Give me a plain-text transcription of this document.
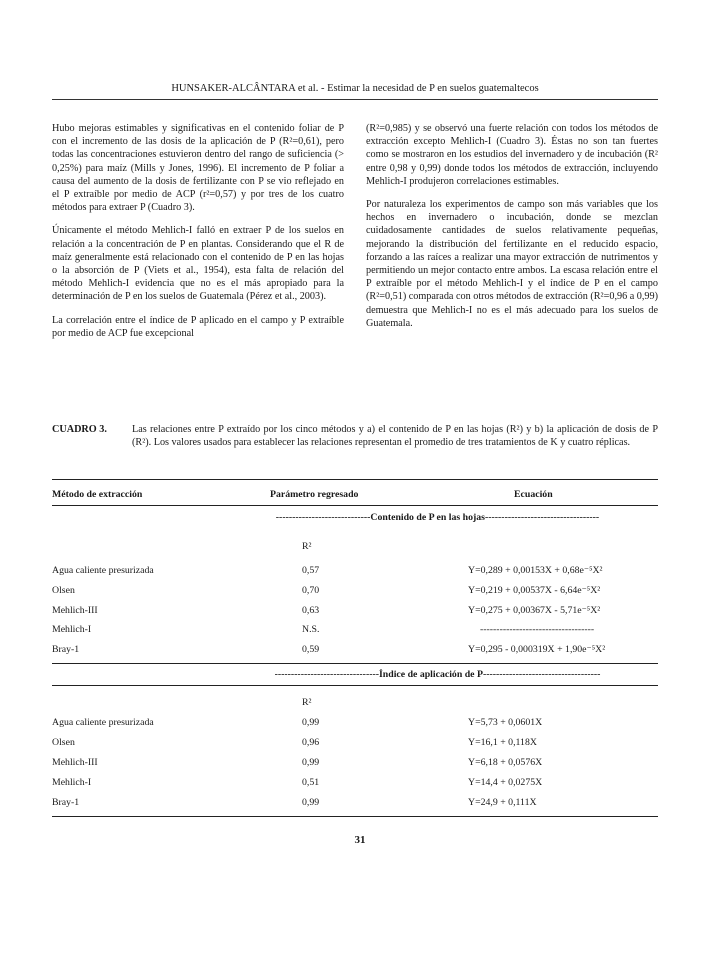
HUNSAKER-ALCÂNTARA et al. - Estimar la necesidad de P en suelos guatemaltecos

Hubo mejoras estimables y significativas en el contenido foliar de P con el incremento de las dosis de la aplicación de P (R²=0,61), pero todas las concentraciones estuvieron dentro del rango de suficiencia (> 0,25%) para maíz (Mills y Jones, 1996). El incremento de P foliar a causa del aumento de la dosis de fertilizante con P se vio reflejado en el P extraíble por medio de ACP (r²=0,57) y por tres de los cuatro métodos para extraer P (Cuadro 3).

Únicamente el método Mehlich-I falló en extraer P de los suelos en relación a la concentración de P en plantas. Considerando que el R de maíz generalmente está relacionado con el contenido de P en las hojas o la absorción de P (Viets et al., 1954), esta falta de relación del método Mehlich-I evidencia que no es el más apropiado para la determinación de P en los suelos de Guatemala (Pérez et al., 2003).

La correlación entre el índice de P aplicado en el campo y P extraíble por medio de ACP fue excepcional

(R²=0,985) y se observó una fuerte relación con todos los métodos de extracción excepto Mehlich-I (Cuadro 3). Éstas no son tan fuertes como se mostraron en los estudios del invernadero y de incubación (R² entre 0,98 y 0,99) donde todos los métodos de extracción, incluyendo Mehlich-I produjeron correlaciones estimables.

Por naturaleza los experimentos de campo son más variables que los hechos en invernadero o incubación, donde se mezclan cuidadosamente cantidades de suelos relativamente pequeñas, mejorando la distribución del fertilizante en el reducido espacio, forzando a las raíces a realizar una mayor extracción de nutrimentos y permitiendo un mejor contacto entre ambos. La escasa relación entre el P extraíble por el método Mehlich-I y el índice de P en el campo (R²=0,51) comparada con otros métodos de extracción (R²=0,96 a 0,99) demuestra que Mehlich-I no es el más adecuado para los suelos de Guatemala.

CUADRO 3.	Las relaciones entre P extraído por los cinco métodos y a) el contenido de P en las hojas (R²) y b) la aplicación de dosis de P (R²). Los valores usados para establecer las relaciones representan el promedio de tres tratamientos de K y cuatro réplicas.
Método de extracción	Parámetro regresado	Ecuación
-----------------------------Contenido de P en las hojas-----------------------------------
R²
Agua caliente presurizada	0,57	Y=0,289 + 0,00153X + 0,68e⁻⁵X²
Olsen	0,70	Y=0,219 + 0,00537X - 6,64e⁻⁵X²
Mehlich-III	0,63	Y=0,275 + 0,00367X - 5,71e⁻⁵X²
Mehlich-I	N.S.	-----------------------------------
Bray-1	0,59	Y=0,295 - 0,000319X + 1,90e⁻⁵X²
--------------------------------Índice de aplicación de P------------------------------------
R²
Agua caliente presurizada	0,99	Y=5,73 + 0,0601X
Olsen	0,96	Y=16,1 + 0,118X
Mehlich-III	0,99	Y=6,18 + 0,0576X
Mehlich-I	0,51	Y=14,4 + 0,0275X
Bray-1	0,99	Y=24,9 + 0,111X
31
